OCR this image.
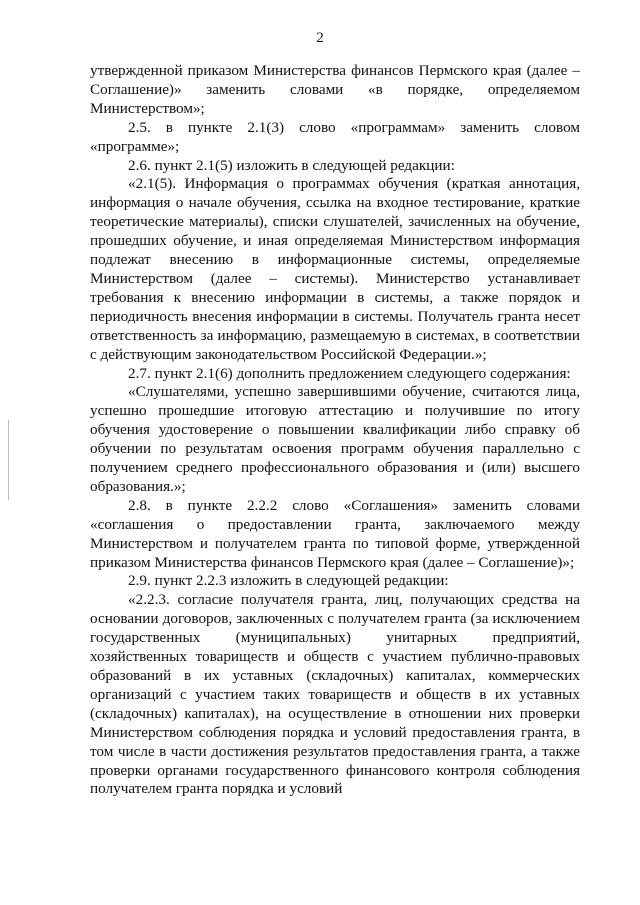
2

утвержденной приказом Министерства финансов Пермского края (далее – Соглашение)» заменить словами «в порядке, определяемом Министерством»;

2.5. в пункте 2.1(3) слово «программам» заменить словом «программе»;

2.6. пункт 2.1(5) изложить в следующей редакции:

«2.1(5). Информация о программах обучения (краткая аннотация, информация о начале обучения, ссылка на входное тестирование, краткие теоретические материалы), списки слушателей, зачисленных на обучение, прошедших обучение, и иная определяемая Министерством информация подлежат внесению в информационные системы, определяемые Министерством (далее – системы). Министерство устанавливает требования к внесению информации в системы, а также порядок и периодичность внесения информации в системы. Получатель гранта несет ответственность за информацию, размещаемую в системах, в соответствии с действующим законодательством Российской Федерации.»;

2.7. пункт 2.1(6) дополнить предложением следующего содержания:

«Слушателями, успешно завершившими обучение, считаются лица, успешно прошедшие итоговую аттестацию и получившие по итогу обучения удостоверение о повышении квалификации либо справку об обучении по результатам освоения программ обучения параллельно с получением среднего профессионального образования и (или) высшего образования.»;

2.8. в пункте 2.2.2 слово «Соглашения» заменить словами «соглашения о предоставлении гранта, заключаемого между Министерством и получателем гранта по типовой форме, утвержденной приказом Министерства финансов Пермского края (далее – Соглашение)»;

2.9. пункт 2.2.3 изложить в следующей редакции:

«2.2.3. согласие получателя гранта, лиц, получающих средства на основании договоров, заключенных с получателем гранта (за исключением государственных (муниципальных) унитарных предприятий, хозяйственных товариществ и обществ с участием публично-правовых образований в их уставных (складочных) капиталах, коммерческих организаций с участием таких товариществ и обществ в их уставных (складочных) капиталах), на осуществление в отношении них проверки Министерством соблюдения порядка и условий предоставления гранта, в том числе в части достижения результатов предоставления гранта, а также проверки органами государственного финансового контроля соблюдения получателем гранта порядка и условий
